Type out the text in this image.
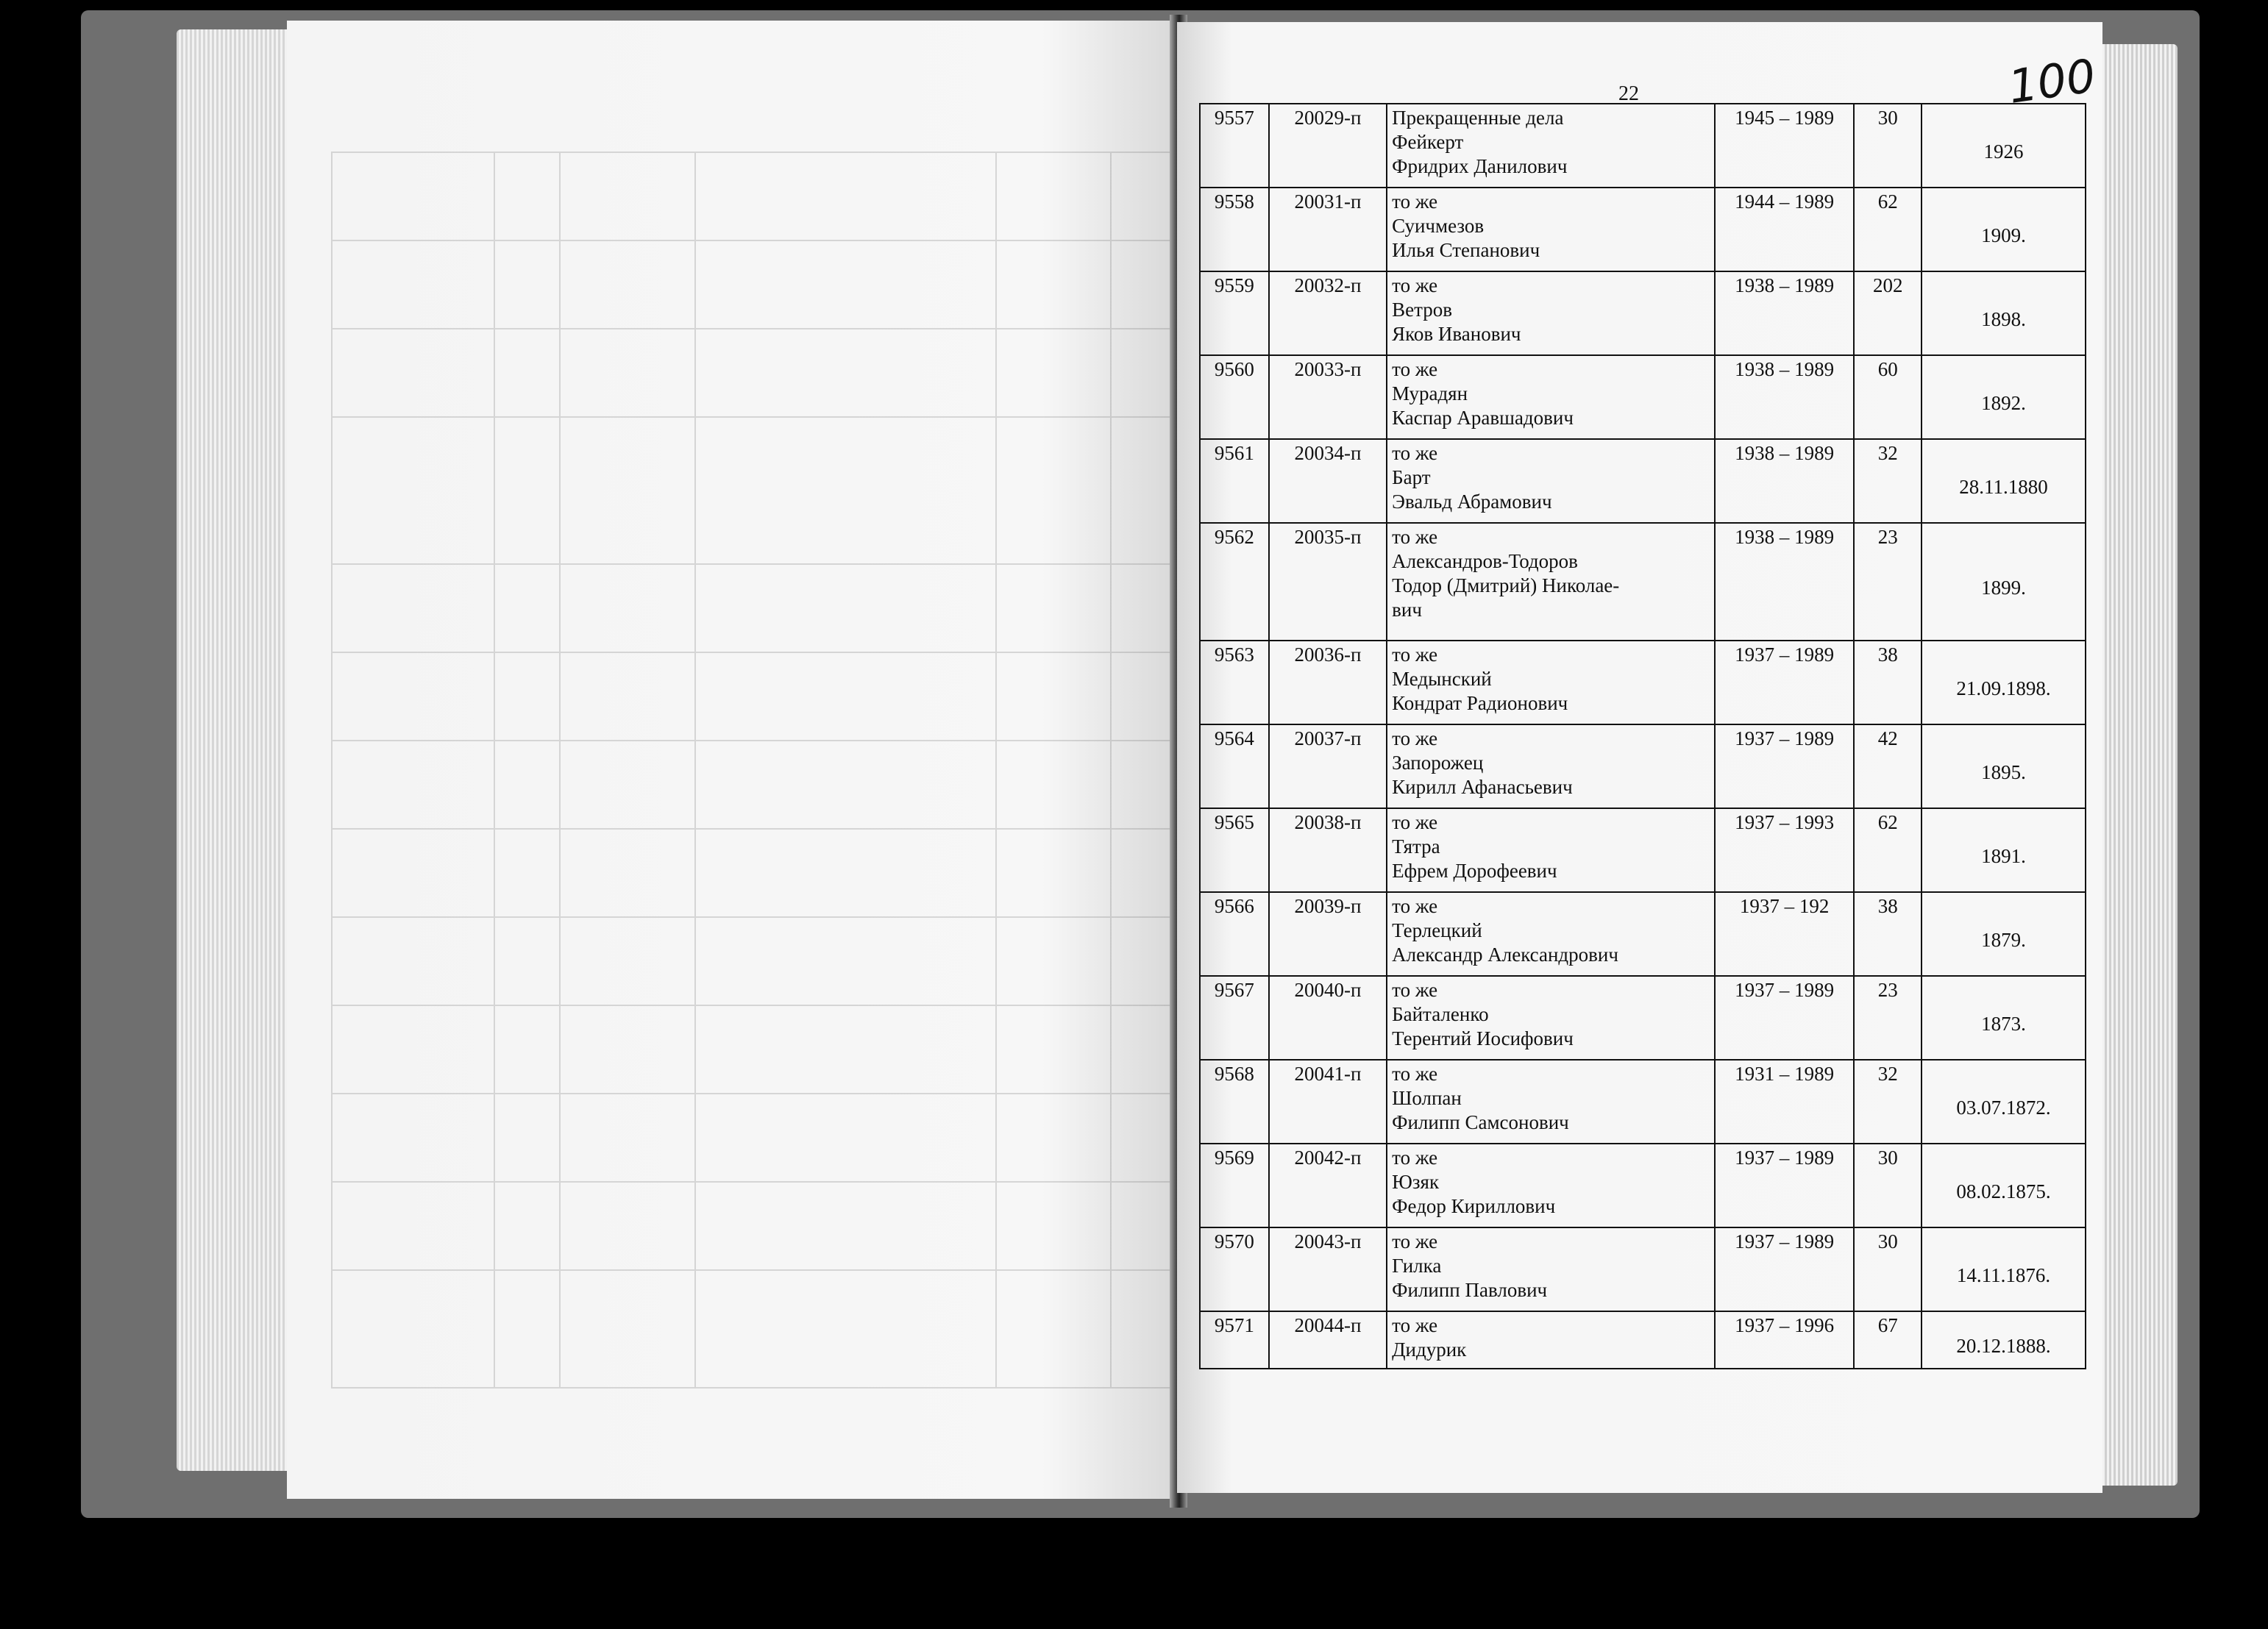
22	100
9557	20029-п	Прекращенные дела
Фейкерт
Фридрих Данилович	1945 – 1989	30	1926
9558	20031-п	то же
Суичмезов
Илья Степанович	1944 – 1989	62	1909.
9559	20032-п	то же
Ветров
Яков Иванович	1938 – 1989	202	1898.
9560	20033-п	то же
Мурадян
Каспар Аравшадович	1938 – 1989	60	1892.
9561	20034-п	то же
Барт
Эвальд Абрамович	1938 – 1989	32	28.11.1880
9562	20035-п	то же
Александров-Тодоров
Тодор (Дмитрий) Николае-
вич	1938 – 1989	23	1899.
9563	20036-п	то же
Медынский
Кондрат Радионович	1937 – 1989	38	21.09.1898.
9564	20037-п	то же
Запорожец
Кирилл Афанасьевич	1937 – 1989	42	1895.
9565	20038-п	то же
Тятра
Ефрем Дорофеевич	1937 – 1993	62	1891.
9566	20039-п	то же
Терлецкий
Александр Александрович	1937 – 192	38	1879.
9567	20040-п	то же
Байталенко
Терентий Иосифович	1937 – 1989	23	1873.
9568	20041-п	то же
Шолпан
Филипп Самсонович	1931 – 1989	32	03.07.1872.
9569	20042-п	то же
Юзяк
Федор Кириллович	1937 – 1989	30	08.02.1875.
9570	20043-п	то же
Гилка
Филипп Павлович	1937 – 1989	30	14.11.1876.
9571	20044-п	то же
Дидурик	1937 – 1996	67	20.12.1888.
